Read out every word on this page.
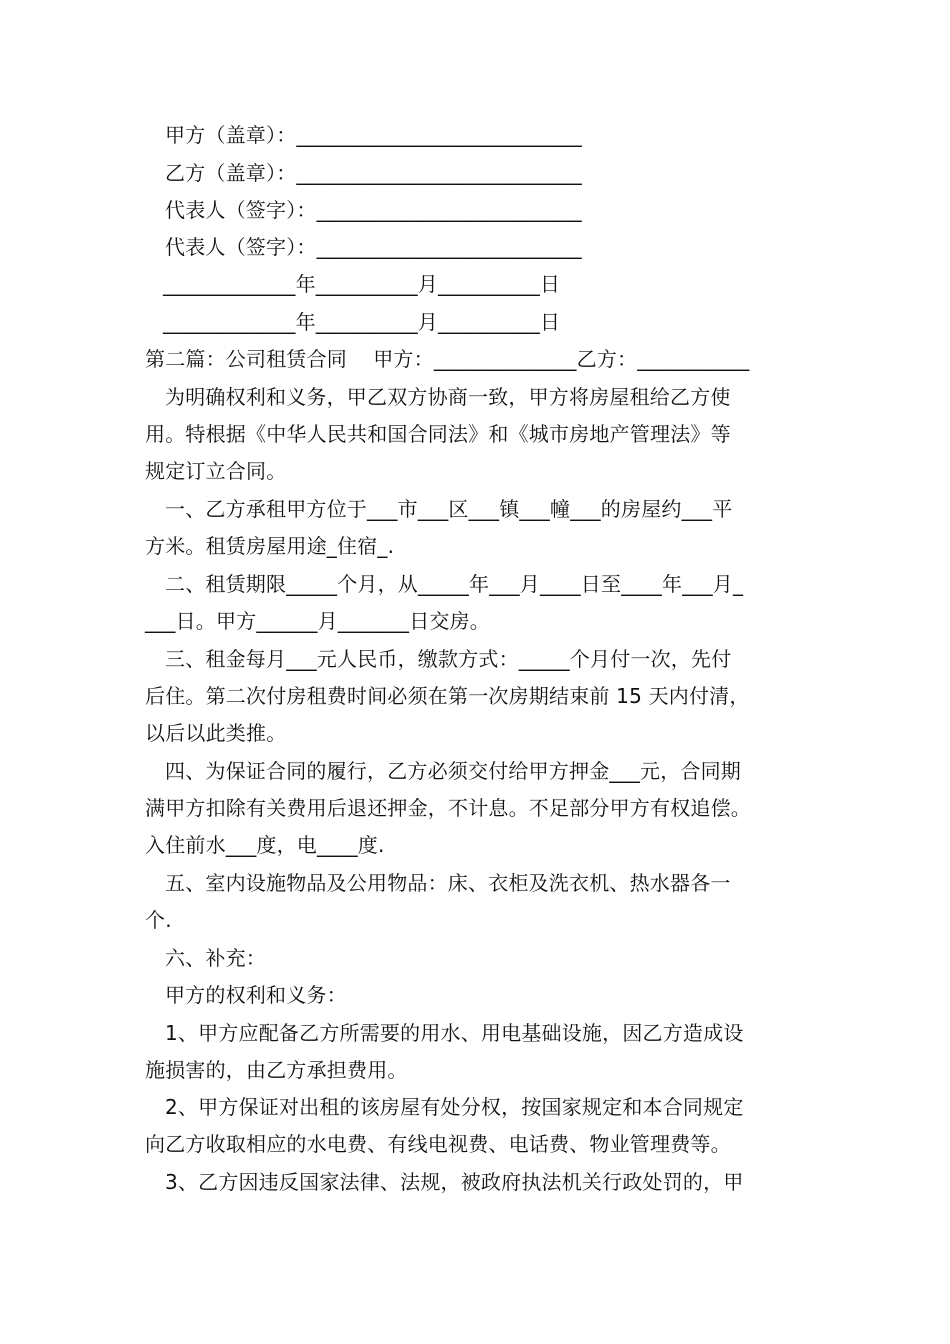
甲方（盖章）：____________________________
乙方（盖章）：____________________________
代表人（签字）：__________________________
代表人（签字）：__________________________
_____________年__________月__________日
_____________年__________月__________日
第二篇：公司租赁合同    甲方：______________乙方：___________
为明确权利和义务，甲乙双方协商一致，甲方将房屋租给乙方使
用。特根据《中华人民共和国合同法》和《城市房地产管理法》等
规定订立合同。
一、乙方承租甲方位于___市___区___镇___幢___的房屋约___平
方米。租赁房屋用途_住宿_.
二、租赁期限_____个月，从_____年___月____日至____年___月_
___日。甲方______月_______日交房。
三、租金每月___元人民币，缴款方式：_____个月付一次，先付
后住。第二次付房租费时间必须在第一次房期结束前 15 天内付清，
以后以此类推。
四、为保证合同的履行，乙方必须交付给甲方押金___元，合同期
满甲方扣除有关费用后退还押金，不计息。不足部分甲方有权追偿。
入住前水___度，电____度.
五、室内设施物品及公用物品：床、衣柜及洗衣机、热水器各一
个.
六、补充：
甲方的权利和义务：
1、甲方应配备乙方所需要的用水、用电基础设施，因乙方造成设
施损害的，由乙方承担费用。
2、甲方保证对出租的该房屋有处分权，按国家规定和本合同规定
向乙方收取相应的水电费、有线电视费、电话费、物业管理费等。
3、乙方因违反国家法律、法规，被政府执法机关行政处罚的，甲
